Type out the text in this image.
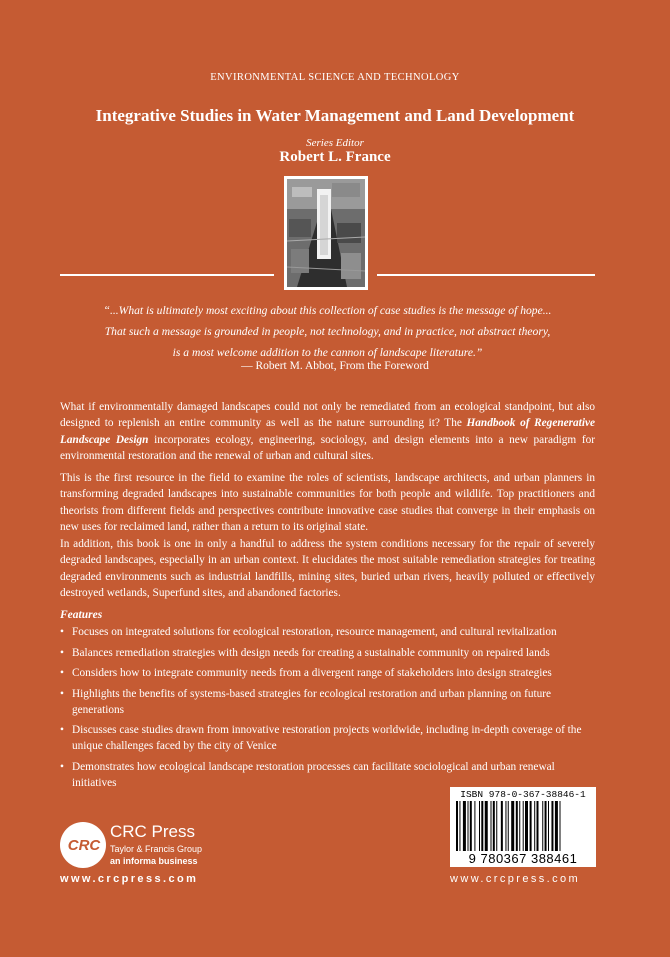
ENVIRONMENTAL SCIENCE AND TECHNOLOGY
Integrative Studies in Water Management and Land Development
Series Editor
Robert L. France
“...What is ultimately most exciting about this collection of case studies is the message of hope...
That such a message is grounded in people, not technology, and in practice, not abstract theory,
is a most welcome addition to the cannon of landscape literature.”
— Robert M. Abbot, From the Foreword
What if environmentally damaged landscapes could not only be remediated from an ecological standpoint, but also designed to replenish an entire community as well as the nature surrounding it? The Handbook of Regenerative Landscape Design incorporates ecology, engineering, sociology, and design elements into a new paradigm for environmental restoration and the renewal of urban and cultural sites.
This is the first resource in the field to examine the roles of scientists, landscape architects, and urban planners in transforming degraded landscapes into sustainable communities for both people and wildlife. Top practitioners and theorists from different fields and perspectives contribute innovative case studies that converge in their emphasis on new uses for reclaimed land, rather than a return to its original state.
In addition, this book is one in only a handful to address the system conditions necessary for the repair of severely degraded landscapes, especially in an urban context. It elucidates the most suitable remediation strategies for treating degraded environments such as industrial landfills, mining sites, buried urban rivers, heavily polluted or effectively destroyed wetlands, Superfund sites, and abandoned factories.
Features
• Focuses on integrated solutions for ecological restoration, resource management, and cultural revitalization
• Balances remediation strategies with design needs for creating a sustainable community on repaired lands
• Considers how to integrate community needs from a divergent range of stakeholders into design strategies
• Highlights the benefits of systems-based strategies for ecological restoration and urban planning on future generations
• Discusses case studies drawn from innovative restoration projects worldwide, including in-depth coverage of the unique challenges faced by the city of Venice
• Demonstrates how ecological landscape restoration processes can facilitate sociological and urban renewal initiatives
CRC
CRC Press
Taylor & Francis Group
an informa business
www.crcpress.com
ISBN 978-0-367-38846-1
9 780367 388461
www.crcpress.com
